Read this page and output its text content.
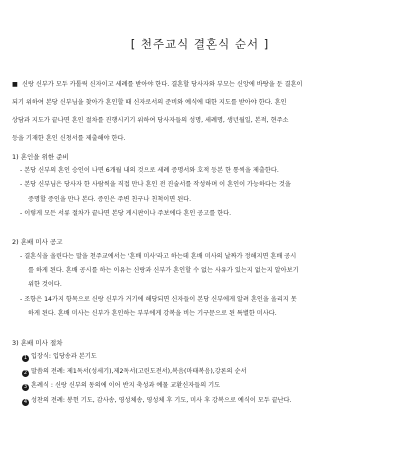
[ 천주교식 결혼식 순서 ]
■ 신랑 신부가 모두 카톨릭 신자이고 세례를 받아야 한다. 결혼할 당사자와 부모는 신앙에 바탕을 둔 결혼이
되기 위하여 본당 신부님을 찾아가 혼인할 때 신자로서의 준비와 예식에 대한 지도를 받아야 한다. 혼인
상담과 지도가 끝나면 혼인 절차를 진행시키기 위하여 당사자들의 성명, 세례명, 생년월일, 본적, 현주소
등을 기재한 혼인 신청서를 제출해야 한다.
1) 혼인을 위한 준비
- 본당 신부의 혼인 승인이 나면 6개월 내의 것으로 세례 증명서와 호적 등본 한 통씩을 제출한다.
- 본당 신부님은 당사자 한 사람씩을 직접 만나 혼인 전 진술서를 작성하며 이 혼인이 가능하다는 것을
증명할 증인을 만나 본다. 증인은 주변 친구나 친척이면 된다.
- 이렇게 모든 서류 절차가 끝나면 본당 게시판이나 주보에다 혼인 공고를 한다.
2) 혼배 미사 공고
- 결혼식을 올린다는 말을 천주교에서는 '혼배 미사'라고 하는데 혼배 미사의 날짜가 정해지면 혼배 공시
를 하게 된다. 혼배 공시를 하는 이유는 신랑과 신부가 혼인할 수 없는 사유가 있는지 없는지 알아보기
위한 것이다.
- 조항은 14가지 항목으로 신랑 신부가 거기에 해당되면 신자들이 본당 신부에게 알려 혼인을 올리지 못
하게 된다. 혼배 미사는 신부가 혼인하는 부부에게 강복을 비는 기구문으로 된 특별한 미사다.
3) 혼배 미사 절차
1 입장식: 입당송과 본기도
2 말씀의 전례: 제1독서(성세기),제2독서(고린도전서),복음(마태복음),강론의 순서
3 혼례식 : 신랑 신부의 동의에 이어 반지 축성과 예물 교환신자들의 기도
4 성찬의 전례: 봉헌 기도, 감사송, 영성체송, 영성체 후 기도, 미사 후 강복으로 예식이 모두 끝난다.
